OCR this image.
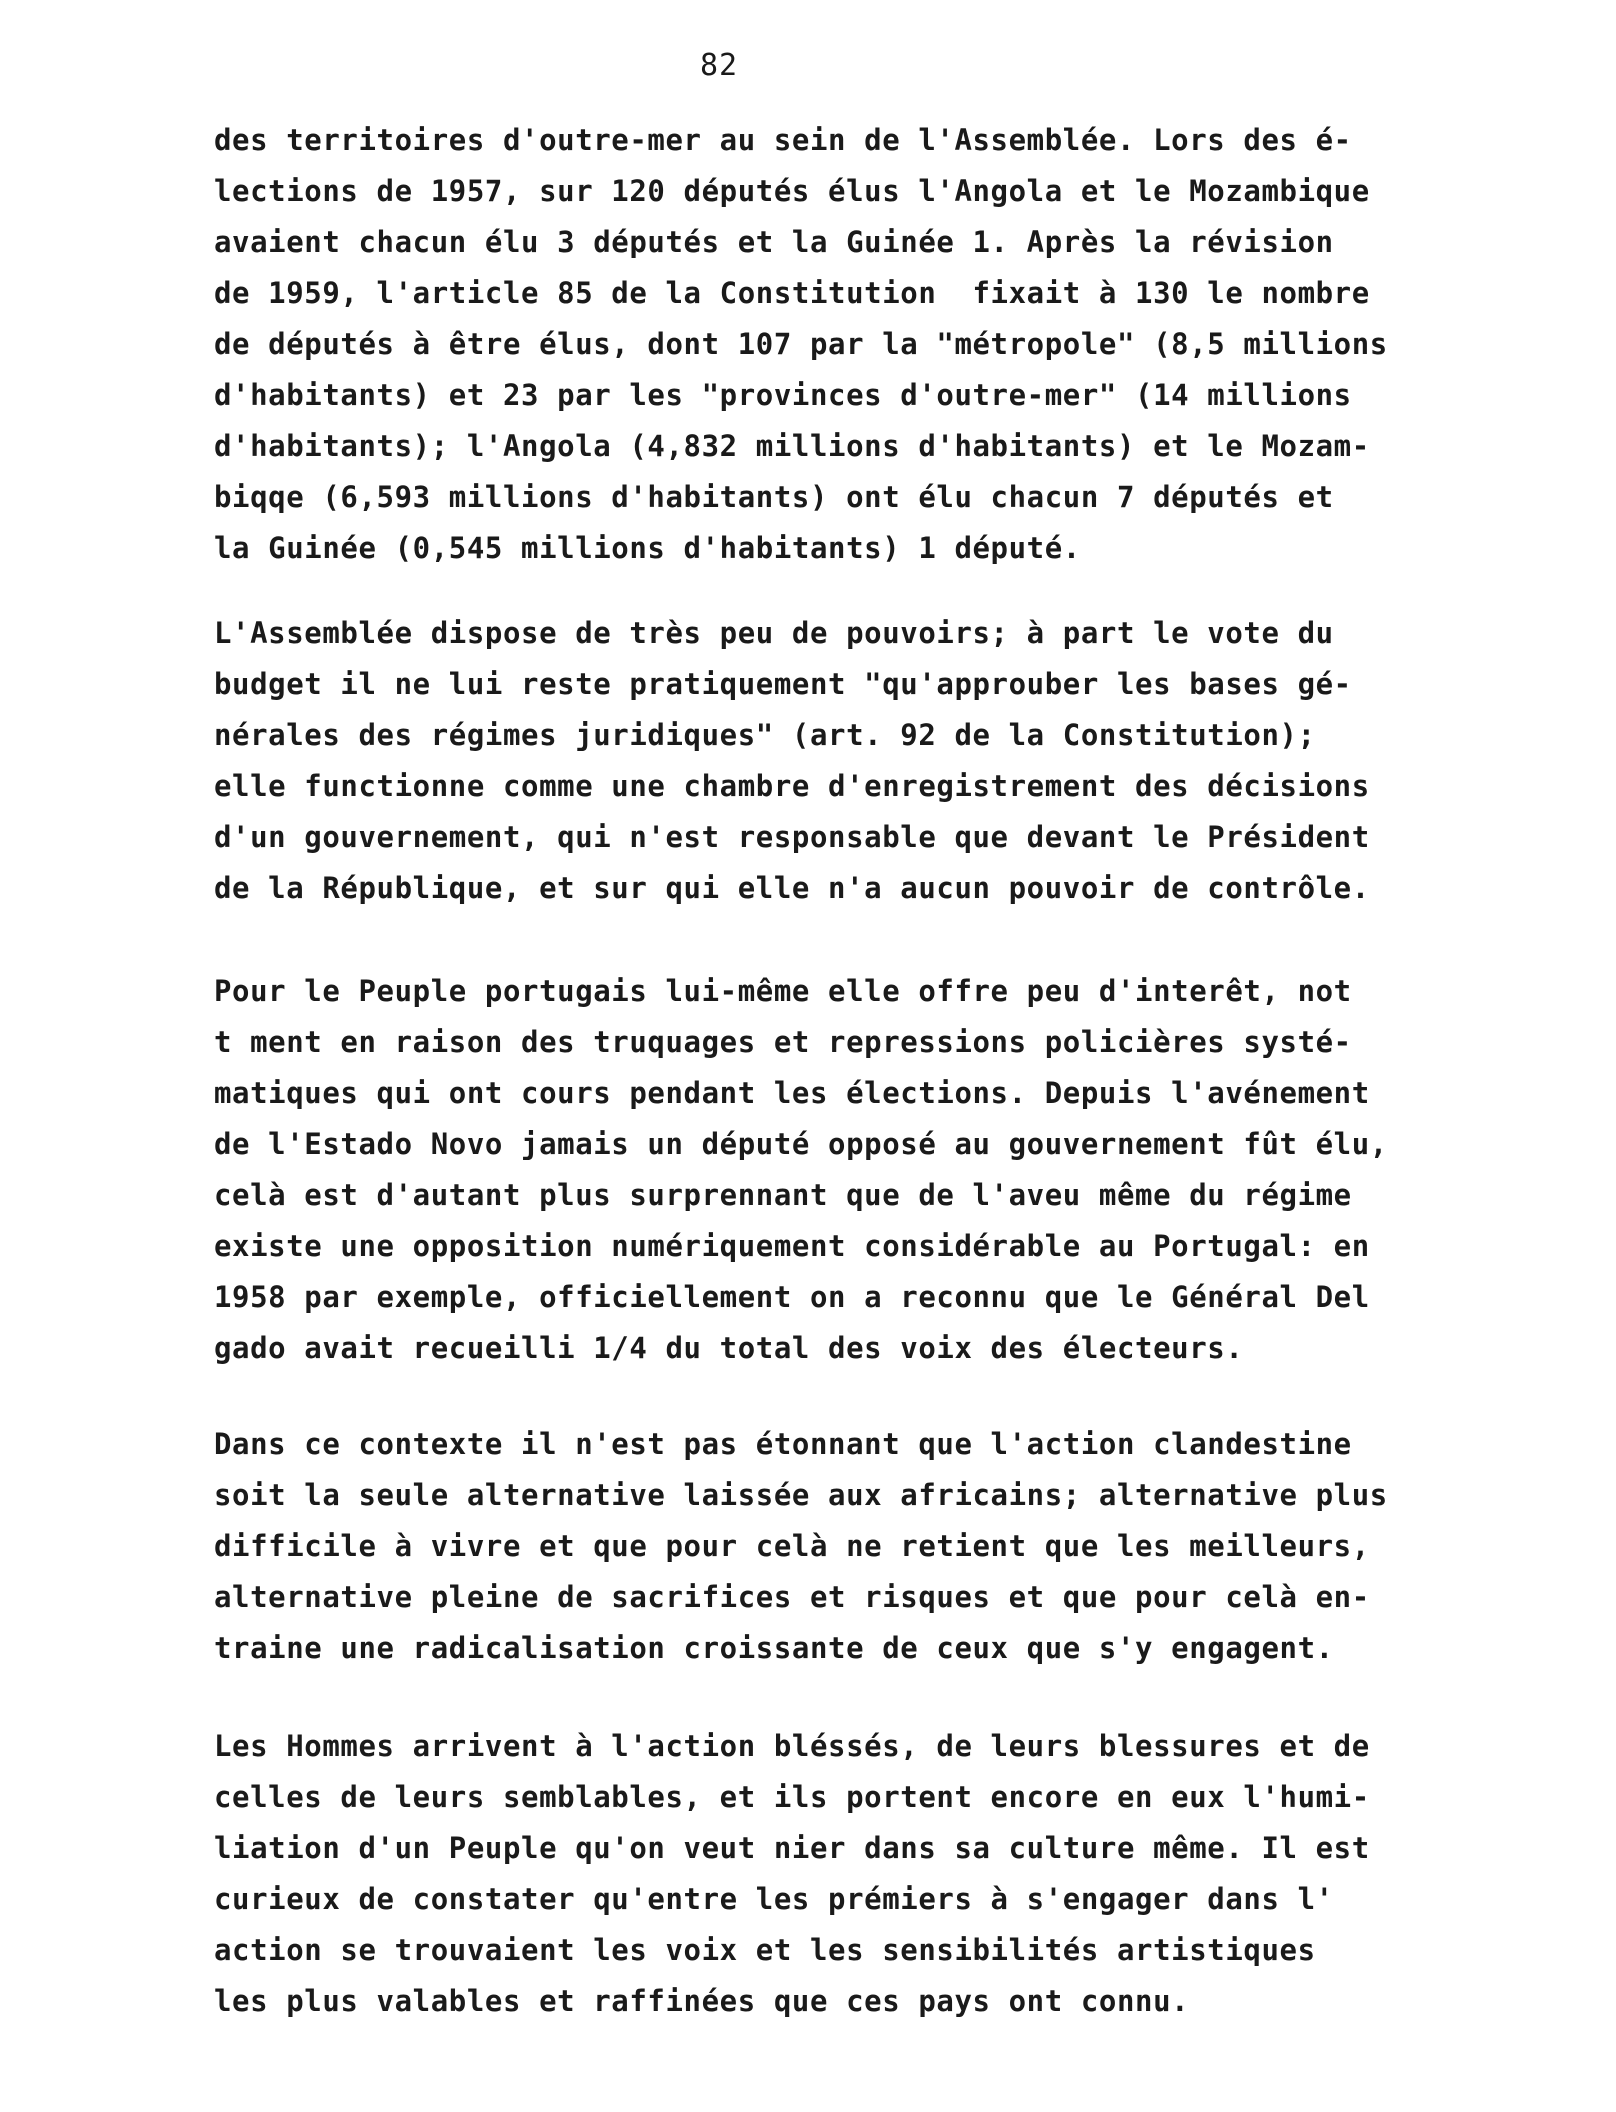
82
des territoires d'outre-mer au sein de l'Assemblée. Lors des é-
lections de 1957, sur 120 députés élus l'Angola et le Mozambique
avaient chacun élu 3 députés et la Guinée 1. Après la révision
de 1959, l'article 85 de la Constitution  fixait à 130 le nombre
de députés à être élus, dont 107 par la "métropole" (8,5 millions
d'habitants) et 23 par les "provinces d'outre-mer" (14 millions
d'habitants); l'Angola (4,832 millions d'habitants) et le Mozam-
biqqe (6,593 millions d'habitants) ont élu chacun 7 députés et
la Guinée (0,545 millions d'habitants) 1 député.
L'Assemblée dispose de très peu de pouvoirs; à part le vote du
budget il ne lui reste pratiquement "qu'approuber les bases gé-
nérales des régimes juridiques" (art. 92 de la Constitution);
elle functionne comme une chambre d'enregistrement des décisions
d'un gouvernement, qui n'est responsable que devant le Président
de la République, et sur qui elle n'a aucun pouvoir de contrôle.
Pour le Peuple portugais lui-même elle offre peu d'interêt, not
t ment en raison des truquages et repressions policières systé-
matiques qui ont cours pendant les élections. Depuis l'avénement
de l'Estado Novo jamais un député opposé au gouvernement fût élu,
celà est d'autant plus surprennant que de l'aveu même du régime
existe une opposition numériquement considérable au Portugal: en
1958 par exemple, officiellement on a reconnu que le Général Del
gado avait recueilli 1/4 du total des voix des électeurs.
Dans ce contexte il n'est pas étonnant que l'action clandestine
soit la seule alternative laissée aux africains; alternative plus
difficile à vivre et que pour celà ne retient que les meilleurs,
alternative pleine de sacrifices et risques et que pour celà en-
traine une radicalisation croissante de ceux que s'y engagent.
Les Hommes arrivent à l'action bléssés, de leurs blessures et de
celles de leurs semblables, et ils portent encore en eux l'humi-
liation d'un Peuple qu'on veut nier dans sa culture même. Il est
curieux de constater qu'entre les prémiers à s'engager dans l'
action se trouvaient les voix et les sensibilités artistiques
les plus valables et raffinées que ces pays ont connu.
